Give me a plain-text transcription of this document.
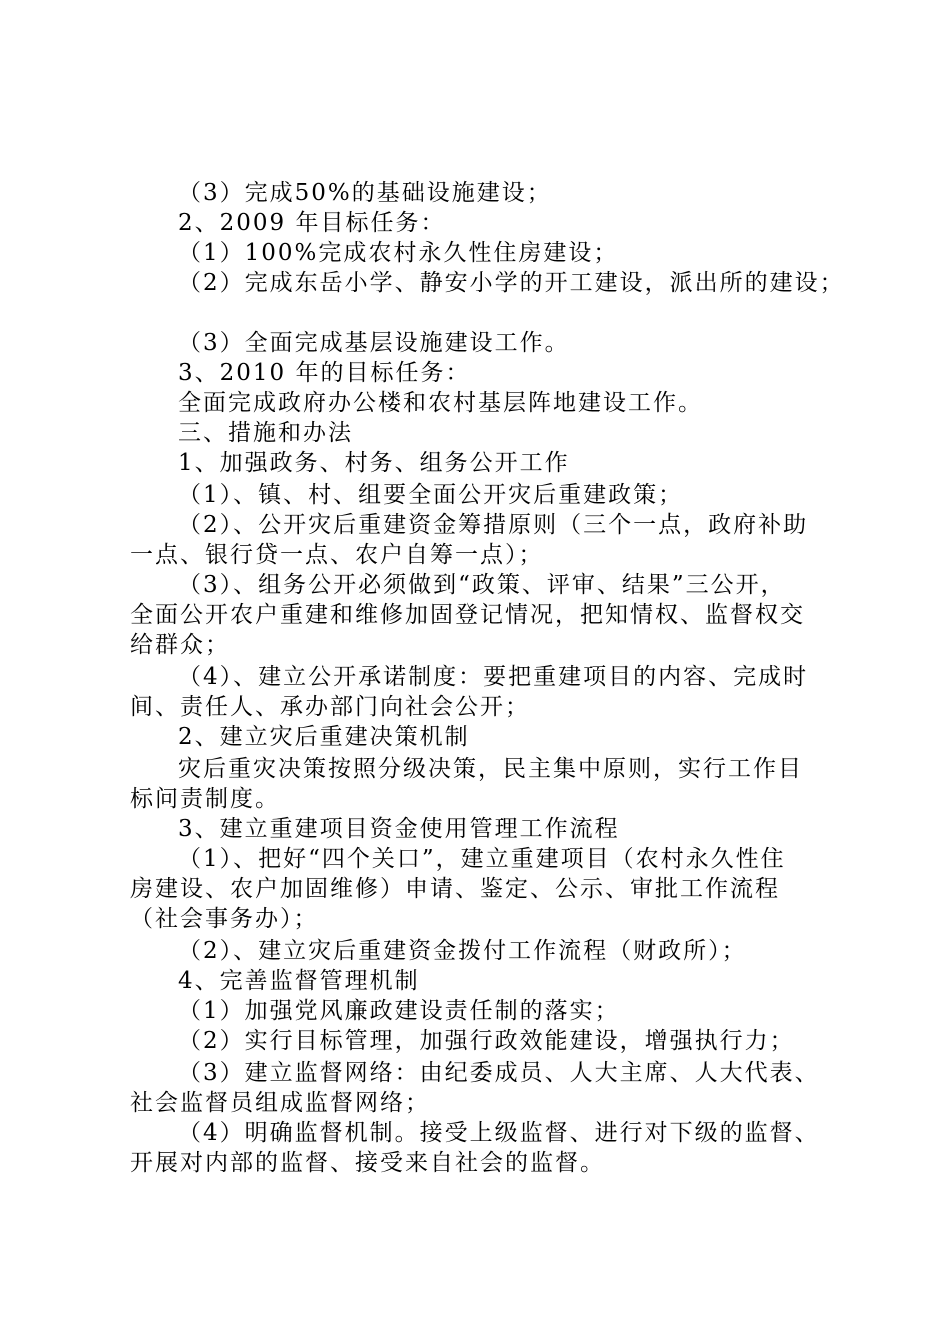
（3）完成50%的基础设施建设；
2、2009 年目标任务：
（1）100%完成农村永久性住房建设；
（2）完成东岳小学、静安小学的开工建设，派出所的建设；
（3）全面完成基层设施建设工作。
3、2010 年的目标任务：
全面完成政府办公楼和农村基层阵地建设工作。
三、措施和办法
1、加强政务、村务、组务公开工作
（1）、镇、村、组要全面公开灾后重建政策；
（2）、公开灾后重建资金筹措原则（三个一点，政府补助
一点、银行贷一点、农户自筹一点）；
（3）、组务公开必须做到“政策、评审、结果”三公开，
全面公开农户重建和维修加固登记情况，把知情权、监督权交
给群众；
（4）、建立公开承诺制度：要把重建项目的内容、完成时
间、责任人、承办部门向社会公开；
2、建立灾后重建决策机制
灾后重灾决策按照分级决策，民主集中原则，实行工作目
标问责制度。
3、建立重建项目资金使用管理工作流程
（1）、把好“四个关口”，建立重建项目（农村永久性住
房建设、农户加固维修）申请、鉴定、公示、审批工作流程
（社会事务办）；
（2）、建立灾后重建资金拨付工作流程（财政所）；
4、完善监督管理机制
（1）加强党风廉政建设责任制的落实；
（2）实行目标管理，加强行政效能建设，增强执行力；
（3）建立监督网络：由纪委成员、人大主席、人大代表、
社会监督员组成监督网络；
（4）明确监督机制。接受上级监督、进行对下级的监督、
开展对内部的监督、接受来自社会的监督。
